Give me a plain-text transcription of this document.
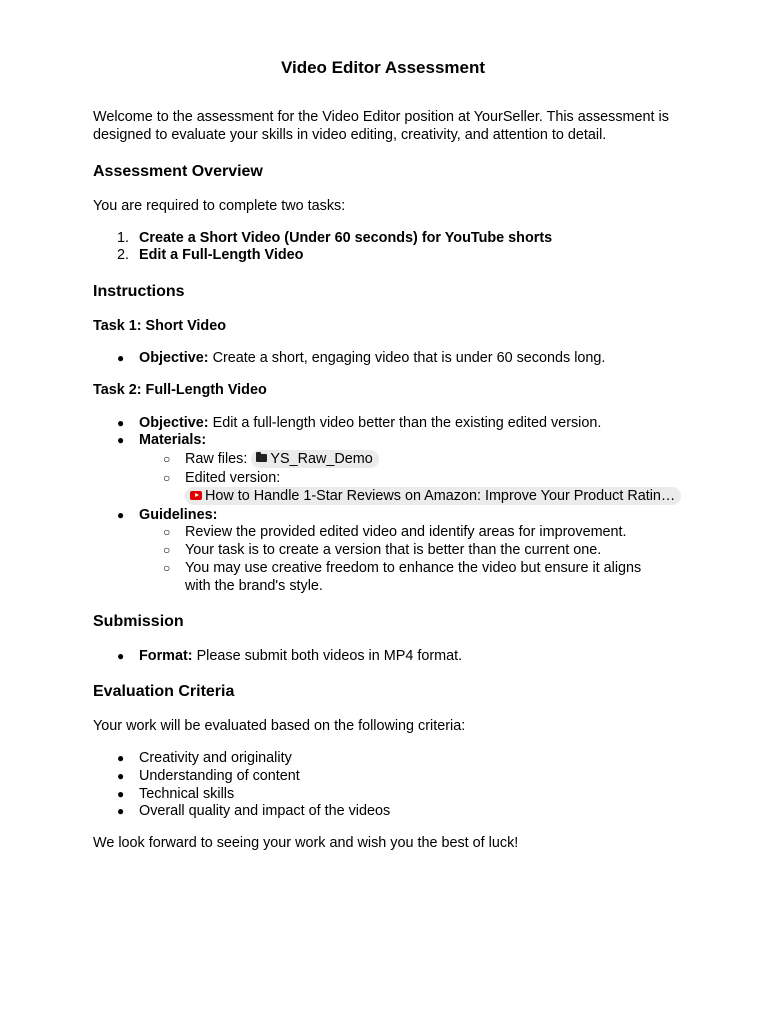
Video Editor Assessment

Welcome to the assessment for the Video Editor position at YourSeller. This assessment is designed to evaluate your skills in video editing, creativity, and attention to detail.

Assessment Overview

You are required to complete two tasks:

1. Create a Short Video (Under 60 seconds) for YouTube shorts
2. Edit a Full-Length Video
Instructions
Task 1: Short Video
●	Objective: Create a short, engaging video that is under 60 seconds long.
Task 2: Full-Length Video
●	Objective: Edit a full-length video better than the existing edited version.
●	Materials:
○	Raw files: YS_Raw_Demo
○	Edited version:
How to Handle 1-Star Reviews on Amazon: Improve Your Product Ratin…
●	Guidelines:
○	Review the provided edited video and identify areas for improvement.
○	Your task is to create a version that is better than the current one.
○	You may use creative freedom to enhance the video but ensure it aligns with the brand's style.
Submission
●	Format: Please submit both videos in MP4 format.
Evaluation Criteria

Your work will be evaluated based on the following criteria:

●	Creativity and originality
●	Understanding of content
●	Technical skills
●	Overall quality and impact of the videos

We look forward to seeing your work and wish you the best of luck!
